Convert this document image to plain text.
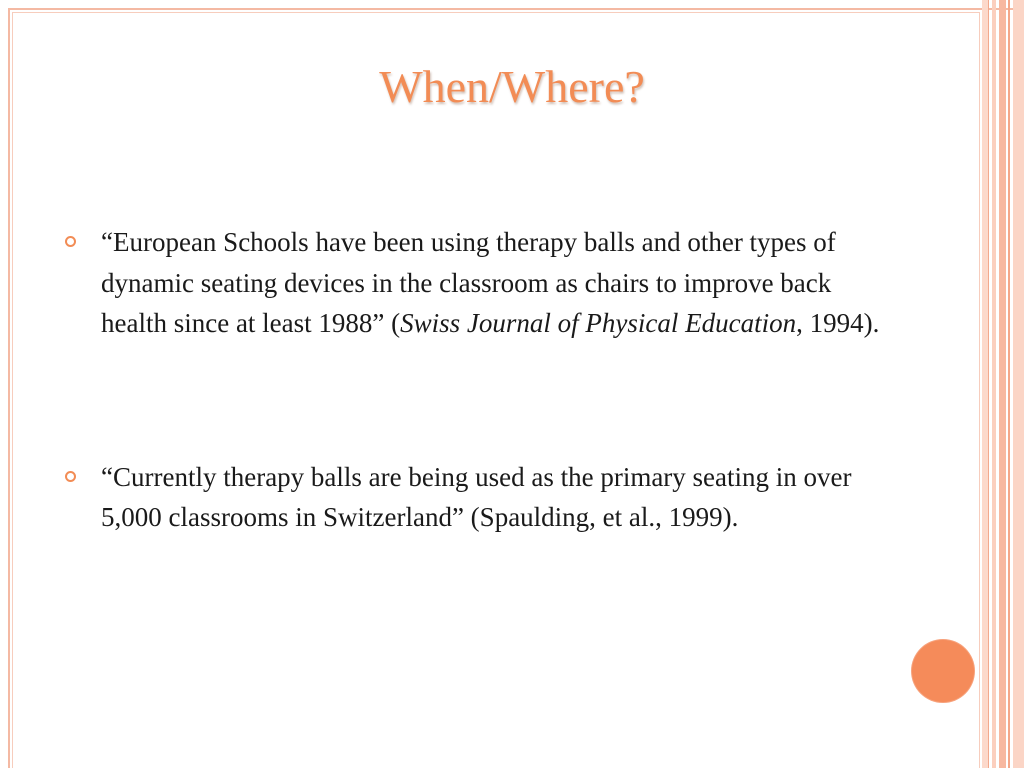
When/Where?
“European Schools have been using therapy balls and other types of dynamic seating devices in the classroom as chairs to improve back health since at least 1988” (Swiss Journal of Physical Education, 1994).
“Currently therapy balls are being used as the primary seating in over 5,000 classrooms in Switzerland” (Spaulding, et al., 1999).
